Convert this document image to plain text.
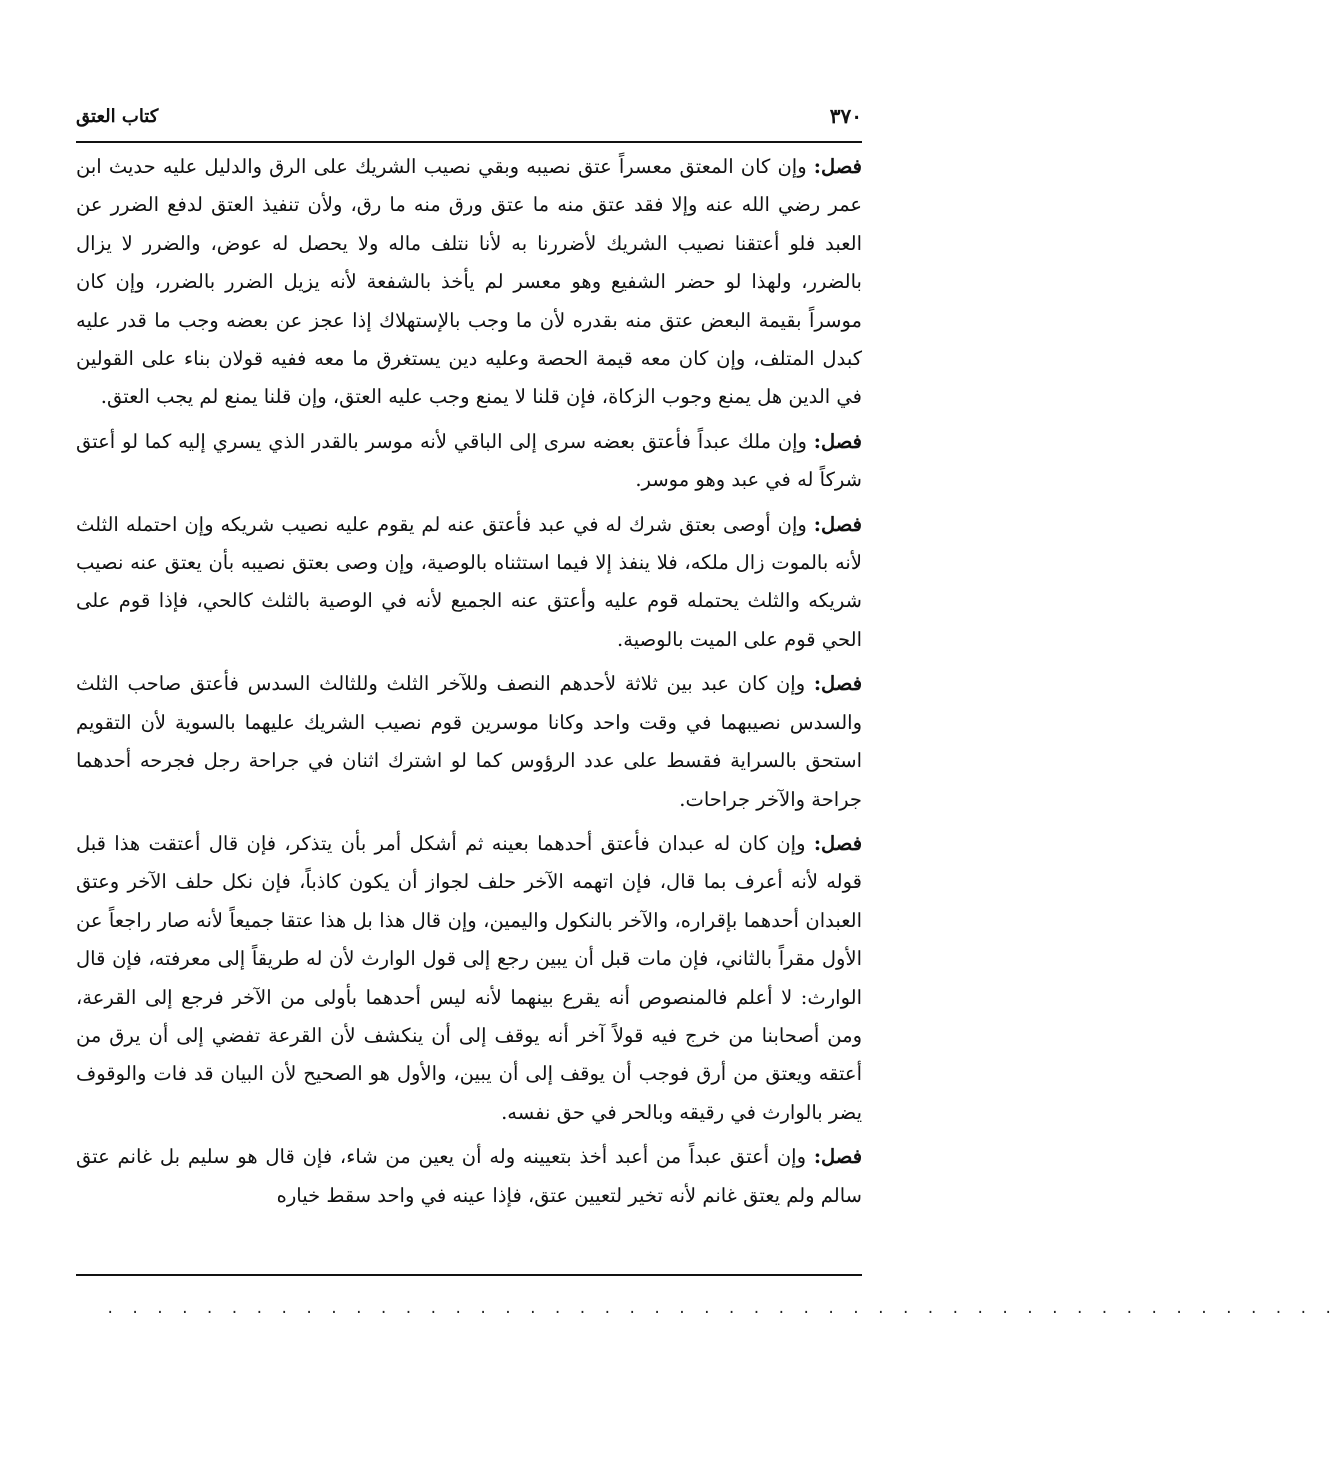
٣٧٠
كتاب العتق

فصل: وإن كان المعتق معسراً عتق نصيبه وبقي نصيب الشريك على الرق والدليل عليه حديث ابن عمر رضي الله عنه وإلا فقد عتق منه ما عتق ورق منه ما رق، ولأن تنفيذ العتق لدفع الضرر عن العبد فلو أعتقنا نصيب الشريك لأضررنا به لأنا نتلف ماله ولا يحصل له عوض، والضرر لا يزال بالضرر، ولهذا لو حضر الشفيع وهو معسر لم يأخذ بالشفعة لأنه يزيل الضرر بالضرر، وإن كان موسراً بقيمة البعض عتق منه بقدره لأن ما وجب بالإستهلاك إذا عجز عن بعضه وجب ما قدر عليه كبدل المتلف، وإن كان معه قيمة الحصة وعليه دين يستغرق ما معه ففيه قولان بناء على القولين في الدين هل يمنع وجوب الزكاة، فإن قلنا لا يمنع وجب عليه العتق، وإن قلنا يمنع لم يجب العتق.

فصل: وإن ملك عبداً فأعتق بعضه سرى إلى الباقي لأنه موسر بالقدر الذي يسري إليه كما لو أعتق شركاً له في عبد وهو موسر.

فصل: وإن أوصى بعتق شرك له في عبد فأعتق عنه لم يقوم عليه نصيب شريكه وإن احتمله الثلث لأنه بالموت زال ملكه، فلا ينفذ إلا فيما استثناه بالوصية، وإن وصى بعتق نصيبه بأن يعتق عنه نصيب شريكه والثلث يحتمله قوم عليه وأعتق عنه الجميع لأنه في الوصية بالثلث كالحي، فإذا قوم على الحي قوم على الميت بالوصية.

فصل: وإن كان عبد بين ثلاثة لأحدهم النصف وللآخر الثلث وللثالث السدس فأعتق صاحب الثلث والسدس نصيبهما في وقت واحد وكانا موسرين قوم نصيب الشريك عليهما بالسوية لأن التقويم استحق بالسراية فقسط على عدد الرؤوس كما لو اشترك اثنان في جراحة رجل فجرحه أحدهما جراحة والآخر جراحات.

فصل: وإن كان له عبدان فأعتق أحدهما بعينه ثم أشكل أمر بأن يتذكر، فإن قال أعتقت هذا قبل قوله لأنه أعرف بما قال، فإن اتهمه الآخر حلف لجواز أن يكون كاذباً، فإن نكل حلف الآخر وعتق العبدان أحدهما بإقراره، والآخر بالنكول واليمين، وإن قال هذا بل هذا عتقا جميعاً لأنه صار راجعاً عن الأول مقراً بالثاني، فإن مات قبل أن يبين رجع إلى قول الوارث لأن له طريقاً إلى معرفته، فإن قال الوارث: لا أعلم فالمنصوص أنه يقرع بينهما لأنه ليس أحدهما بأولى من الآخر فرجع إلى القرعة، ومن أصحابنا من خرج فيه قولاً آخر أنه يوقف إلى أن ينكشف لأن القرعة تفضي إلى أن يرق من أعتقه ويعتق من أرق فوجب أن يوقف إلى أن يبين، والأول هو الصحيح لأن البيان قد فات والوقوف يضر بالوارث في رقيقه وبالحر في حق نفسه.

فصل: وإن أعتق عبداً من أعبد أخذ بتعيينه وله أن يعين من شاء، فإن قال هو سليم بل غانم عتق سالم ولم يعتق غانم لأنه تخير لتعيين عتق، فإذا عينه في واحد سقط خياره

. . . . . . . . . . . . . . . . . . . . . . . . . . . . . . . . . . . . . . . . . . . . . . . . . .
